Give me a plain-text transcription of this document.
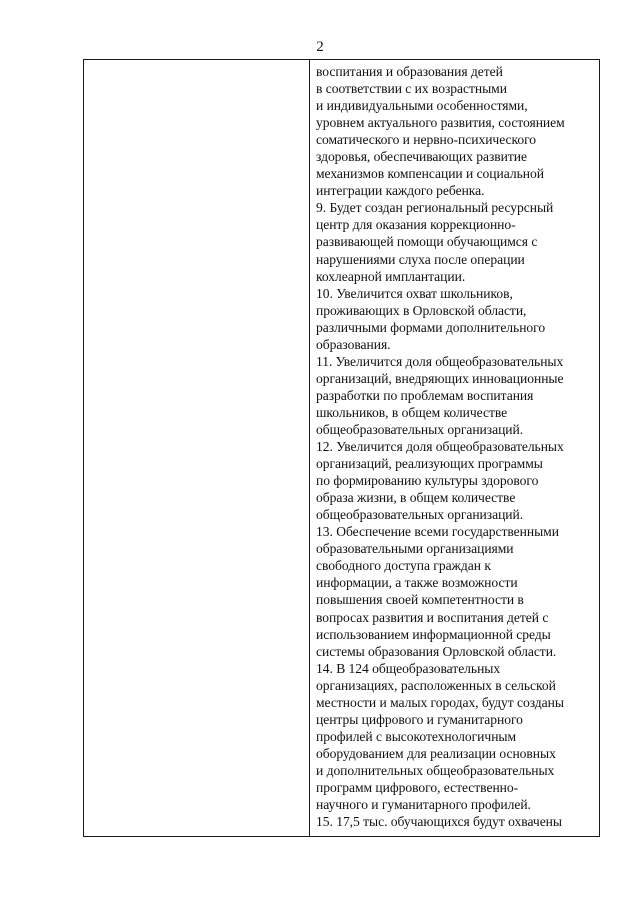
2
воспитания и образования детей
в соответствии с их возрастными
и индивидуальными особенностями,
уровнем актуального развития, состоянием
соматического и нервно-психического
здоровья, обеспечивающих развитие
механизмов компенсации и социальной
интеграции каждого ребенка.
9. Будет создан региональный ресурсный
центр для оказания коррекционно-
развивающей помощи обучающимся с
нарушениями слуха после операции
кохлеарной имплантации.
10. Увеличится охват школьников,
проживающих в Орловской области,
различными формами дополнительного
образования.
11. Увеличится доля общеобразовательных
организаций, внедряющих инновационные
разработки по проблемам воспитания
школьников, в общем количестве
общеобразовательных организаций.
12. Увеличится доля общеобразовательных
организаций, реализующих программы
по формированию культуры здорового
образа жизни, в общем количестве
общеобразовательных организаций.
13. Обеспечение всеми государственными
образовательными организациями
свободного доступа граждан к
информации, а также возможности
повышения своей компетентности в
вопросах развития и воспитания детей с
использованием информационной среды
системы образования Орловской области.
14. В 124 общеобразовательных
организациях, расположенных в сельской
местности и малых городах, будут созданы
центры цифрового и гуманитарного
профилей с высокотехнологичным
оборудованием для реализации основных
и дополнительных общеобразовательных
программ цифрового, естественно-
научного и гуманитарного профилей.
15. 17,5 тыс. обучающихся будут охвачены
